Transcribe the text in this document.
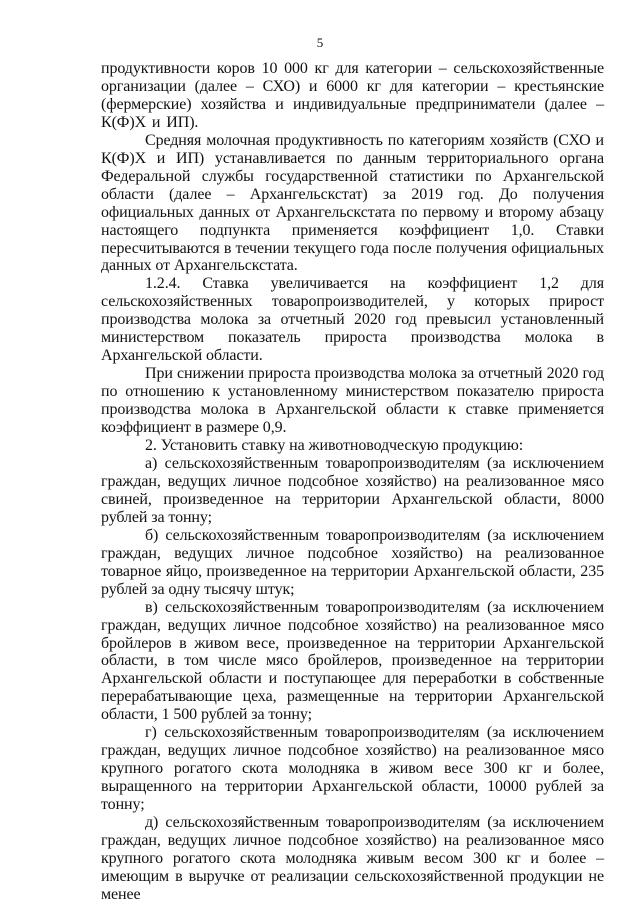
5

продуктивности коров 10 000 кг для категории – сельскохозяйственные организации (далее – СХО) и 6000 кг для категории – крестьянские (фермерские) хозяйства и индивидуальные предприниматели (далее – К(Ф)Х и ИП).

Средняя молочная продуктивность по категориям хозяйств (СХО и К(Ф)Х и ИП) устанавливается по данным территориального органа Федеральной службы государственной статистики по Архангельской области (далее – Архангельскстат) за 2019 год. До получения официальных данных от Архангельскстата по первому и второму абзацу настоящего подпункта применяется коэффициент 1,0. Ставки пересчитываются в течении текущего года после получения официальных данных от Архангельскстата.

1.2.4. Ставка увеличивается на коэффициент 1,2 для сельскохозяйственных товаропроизводителей, у которых прирост производства молока за отчетный 2020 год превысил установленный министерством показатель прироста производства молока в Архангельской области.

При снижении прироста производства молока за отчетный 2020 год по отношению к установленному министерством показателю прироста производства молока в Архангельской области к ставке применяется коэффициент в размере 0,9.

2. Установить ставку на животноводческую продукцию:

а) сельскохозяйственным товаропроизводителям (за исключением граждан, ведущих личное подсобное хозяйство) на реализованное мясо свиней, произведенное на территории Архангельской области, 8000 рублей за тонну;

б) сельскохозяйственным товаропроизводителям (за исключением граждан, ведущих личное подсобное хозяйство) на реализованное товарное яйцо, произведенное на территории Архангельской области, 235 рублей за одну тысячу штук;

в) сельскохозяйственным товаропроизводителям (за исключением граждан, ведущих личное подсобное хозяйство) на реализованное мясо бройлеров в живом весе, произведенное на территории Архангельской области, в том числе мясо бройлеров, произведенное на территории Архангельской области и поступающее для переработки в собственные перерабатывающие цеха, размещенные на территории Архангельской области, 1 500 рублей за тонну;

г) сельскохозяйственным товаропроизводителям (за исключением граждан, ведущих личное подсобное хозяйство) на реализованное мясо крупного рогатого скота молодняка в живом весе 300 кг и более, выращенного на территории Архангельской области, 10000 рублей за тонну;

д) сельскохозяйственным товаропроизводителям (за исключением граждан, ведущих личное подсобное хозяйство) на реализованное мясо крупного рогатого скота молодняка живым весом 300 кг и более – имеющим в выручке от реализации сельскохозяйственной продукции не менее
